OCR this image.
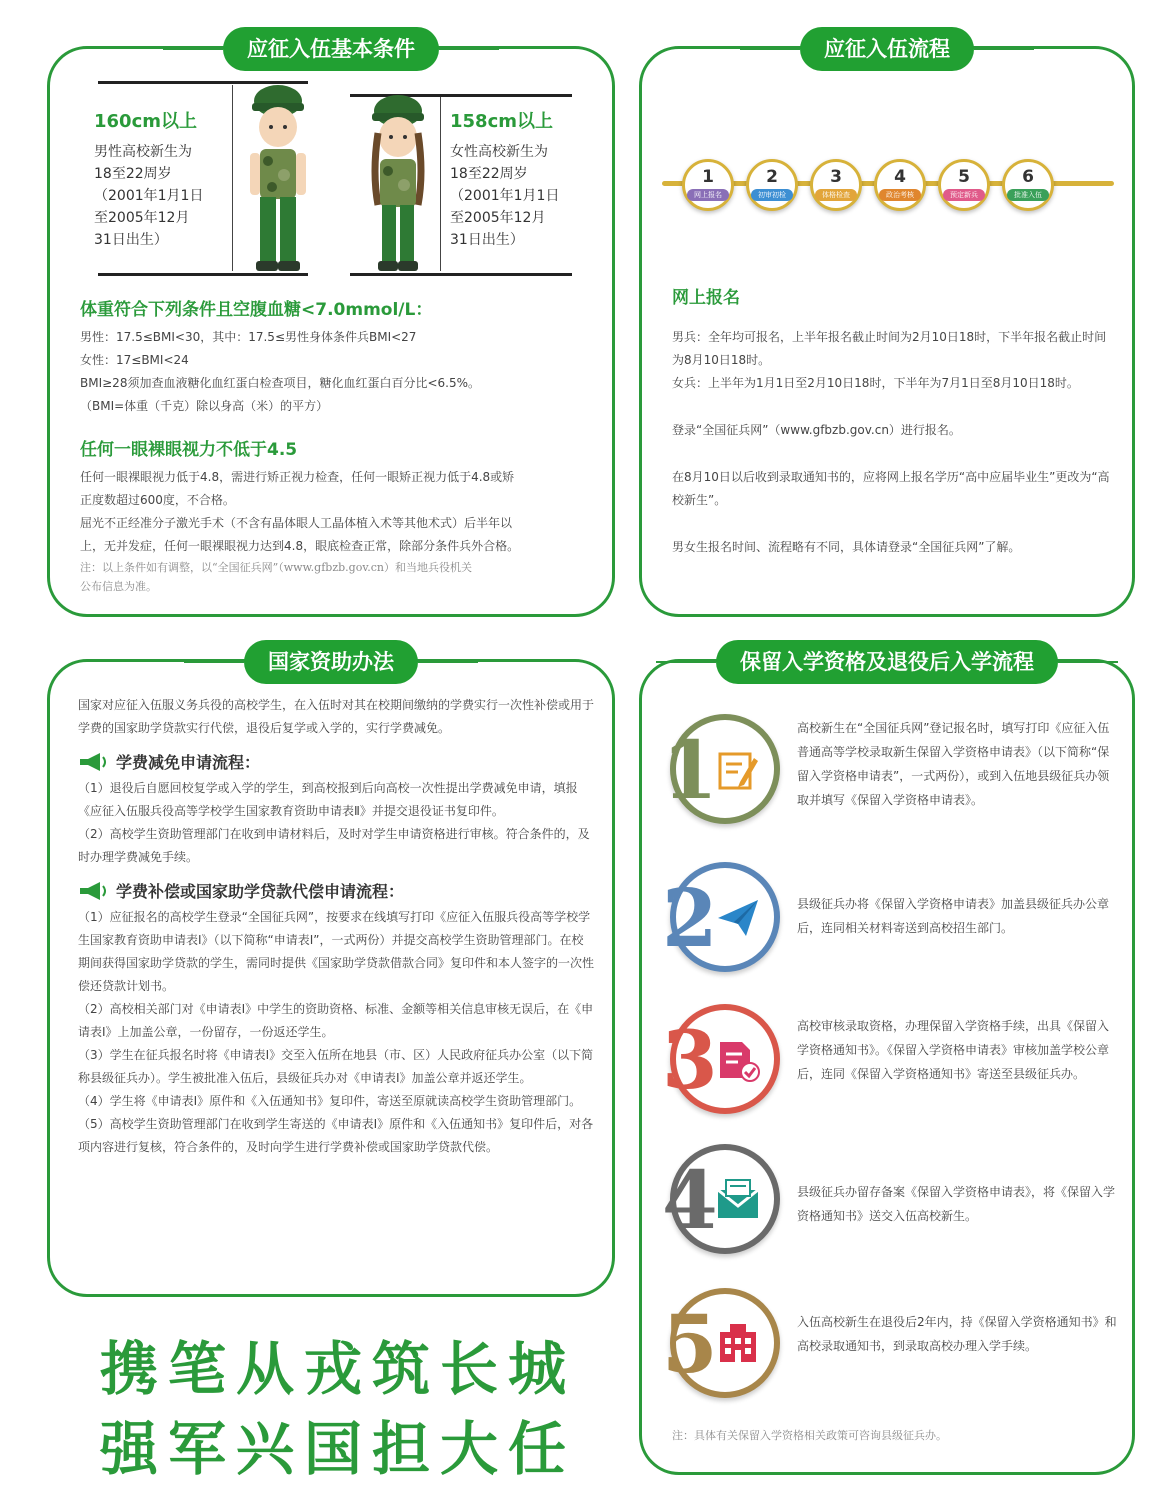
应征入伍基本条件
160cm以上
男性高校新生为
18至22周岁
（2001年1月1日
至2005年12月
31日出生）
158cm以上
女性高校新生为
18至22周岁
（2001年1月1日
至2005年12月
31日出生）
体重符合下列条件且空腹血糖<7.0mmol/L：
男性：17.5≤BMI<30，其中：17.5≤男性身体条件兵BMI<27
女性：17≤BMI<24
BMI≥28须加查血液糖化血红蛋白检查项目，糖化血红蛋白百分比<6.5%。
（BMI=体重（千克）除以身高（米）的平方）
任何一眼裸眼视力不低于4.5
任何一眼裸眼视力低于4.8，需进行矫正视力检查，任何一眼矫正视力低于4.8或矫
正度数超过600度，不合格。
屈光不正经准分子激光手术（不含有晶体眼人工晶体植入术等其他术式）后半年以
上，无并发症，任何一眼裸眼视力达到4.8，眼底检查正常，除部分条件兵外合格。
注：以上条件如有调整，以“全国征兵网”（www.gfbzb.gov.cn）和当地兵役机关
公布信息为准。
应征入伍流程
1
网上报名
2
初审初检
3
体格检查
4
政治考核
5
预定新兵
6
批准入伍
网上报名
男兵：全年均可报名，上半年报名截止时间为2月10日18时，下半年报名截止时间为8月10日18时。
女兵：上半年为1月1日至2月10日18时，下半年为7月1日至8月10日18时。
登录“全国征兵网”（www.gfbzb.gov.cn）进行报名。
在8月10日以后收到录取通知书的，应将网上报名学历“高中应届毕业生”更改为“高校新生”。
男女生报名时间、流程略有不同，具体请登录“全国征兵网”了解。
国家资助办法
国家对应征入伍服义务兵役的高校学生，在入伍时对其在校期间缴纳的学费实行一次性补偿或用于学费的国家助学贷款实行代偿，退役后复学或入学的，实行学费减免。
学费减免申请流程：
（1）退役后自愿回校复学或入学的学生，到高校报到后向高校一次性提出学费减免申请，填报《应征入伍服兵役高等学校学生国家教育资助申请表Ⅱ》并提交退役证书复印件。
（2）高校学生资助管理部门在收到申请材料后，及时对学生申请资格进行审核。符合条件的，及时办理学费减免手续。
学费补偿或国家助学贷款代偿申请流程：
（1）应征报名的高校学生登录“全国征兵网”，按要求在线填写打印《应征入伍服兵役高等学校学生国家教育资助申请表Ⅰ》（以下简称“申请表Ⅰ”，一式两份）并提交高校学生资助管理部门。在校期间获得国家助学贷款的学生，需同时提供《国家助学贷款借款合同》复印件和本人签字的一次性偿还贷款计划书。
（2）高校相关部门对《申请表Ⅰ》中学生的资助资格、标准、金额等相关信息审核无误后，在《申请表Ⅰ》上加盖公章，一份留存，一份返还学生。
（3）学生在征兵报名时将《申请表Ⅰ》交至入伍所在地县（市、区）人民政府征兵办公室（以下简称县级征兵办）。学生被批准入伍后，县级征兵办对《申请表Ⅰ》加盖公章并返还学生。
（4）学生将《申请表Ⅰ》原件和《入伍通知书》复印件，寄送至原就读高校学生资助管理部门。
（5）高校学生资助管理部门在收到学生寄送的《申请表Ⅰ》原件和《入伍通知书》复印件后，对各项内容进行复核，符合条件的，及时向学生进行学费补偿或国家助学贷款代偿。
保留入学资格及退役后入学流程
1	高校新生在“全国征兵网”登记报名时，填写打印《应征入伍普通高等学校录取新生保留入学资格申请表》（以下简称“保留入学资格申请表”，一式两份），或到入伍地县级征兵办领取并填写《保留入学资格申请表》。
2	县级征兵办将《保留入学资格申请表》加盖县级征兵办公章后，连同相关材料寄送到高校招生部门。
3	高校审核录取资格，办理保留入学资格手续，出具《保留入学资格通知书》。《保留入学资格申请表》审核加盖学校公章后，连同《保留入学资格通知书》寄送至县级征兵办。
4	县级征兵办留存备案《保留入学资格申请表》，将《保留入学资格通知书》送交入伍高校新生。
5	入伍高校新生在退役后2年内，持《保留入学资格通知书》和高校录取通知书，到录取高校办理入学手续。
注：具体有关保留入学资格相关政策可咨询县级征兵办。
携笔从戎筑长城
强军兴国担大任
